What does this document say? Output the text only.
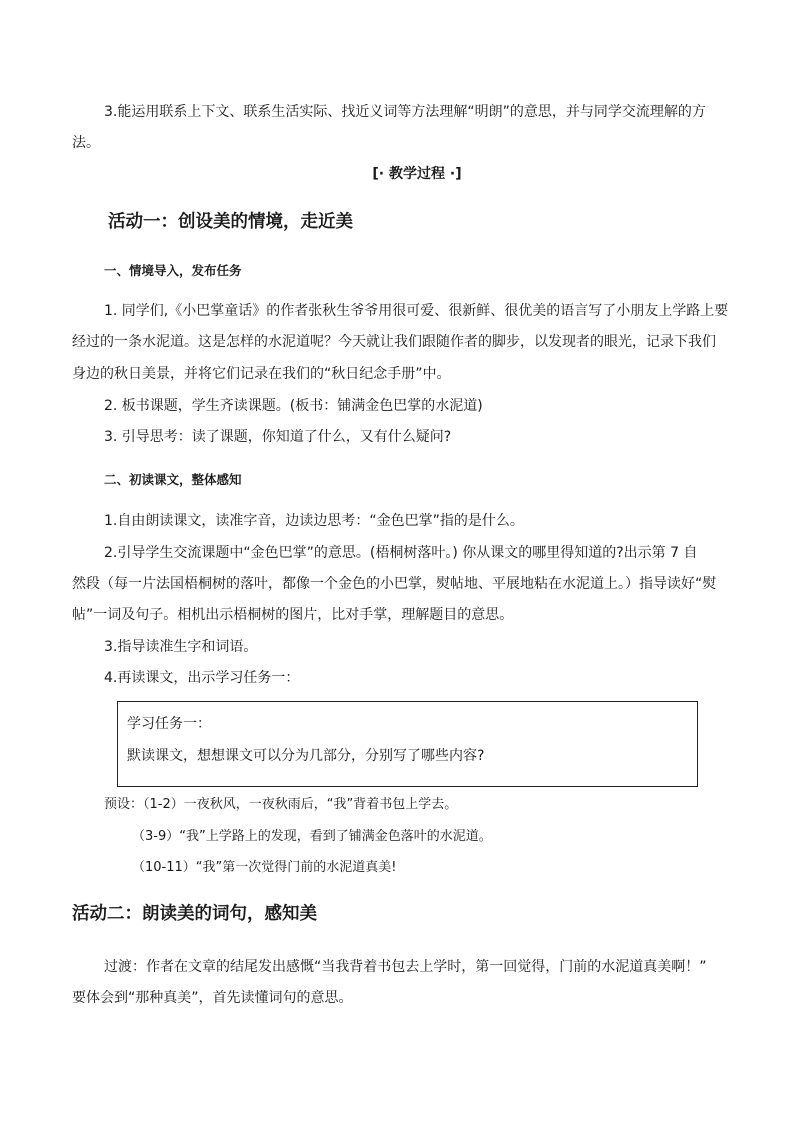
3.能运用联系上下文、联系生活实际、找近义词等方法理解“明朗”的意思，并与同学交流理解的方

法。

[· 教学过程 ·]
活动一：创设美的情境，走近美
一、情境导入，发布任务

1. 同学们,《小巴掌童话》的作者张秋生爷爷用很可爱、很新鲜、很优美的语言写了小朋友上学路上要

经过的一条水泥道。这是怎样的水泥道呢？今天就让我们跟随作者的脚步，以发现者的眼光，记录下我们

身边的秋日美景，并将它们记录在我们的“秋日纪念手册”中。

2. 板书课题，学生齐读课题。(板书：铺满金色巴掌的水泥道)

3. 引导思考：读了课题，你知道了什么，又有什么疑问?

二、初读课文，整体感知

1.自由朗读课文，读准字音，边读边思考：“金色巴掌”指的是什么。

2.引导学生交流课题中“金色巴掌”的意思。(梧桐树落叶。) 你从课文的哪里得知道的?出示第 7 自

然段（每一片法国梧桐树的落叶，都像一个金色的小巴掌，熨帖地、平展地粘在水泥道上。）指导读好“熨

帖”一词及句子。相机出示梧桐树的图片，比对手掌，理解题目的意思。

3.指导读准生字和词语。

4.再读课文，出示学习任务一：

学习任务一：
默读课文，想想课文可以分为几部分，分别写了哪些内容?

预设：（1-2）一夜秋风，一夜秋雨后，“我”背着书包上学去。

（3-9）“我”上学路上的发现，看到了铺满金色落叶的水泥道。

（10-11）“我”第一次觉得门前的水泥道真美!

活动二：朗读美的词句，感知美

过渡：作者在文章的结尾发出感慨“当我背着书包去上学时，第一回觉得，门前的水泥道真美啊！”

要体会到“那种真美”，首先读懂词句的意思。
